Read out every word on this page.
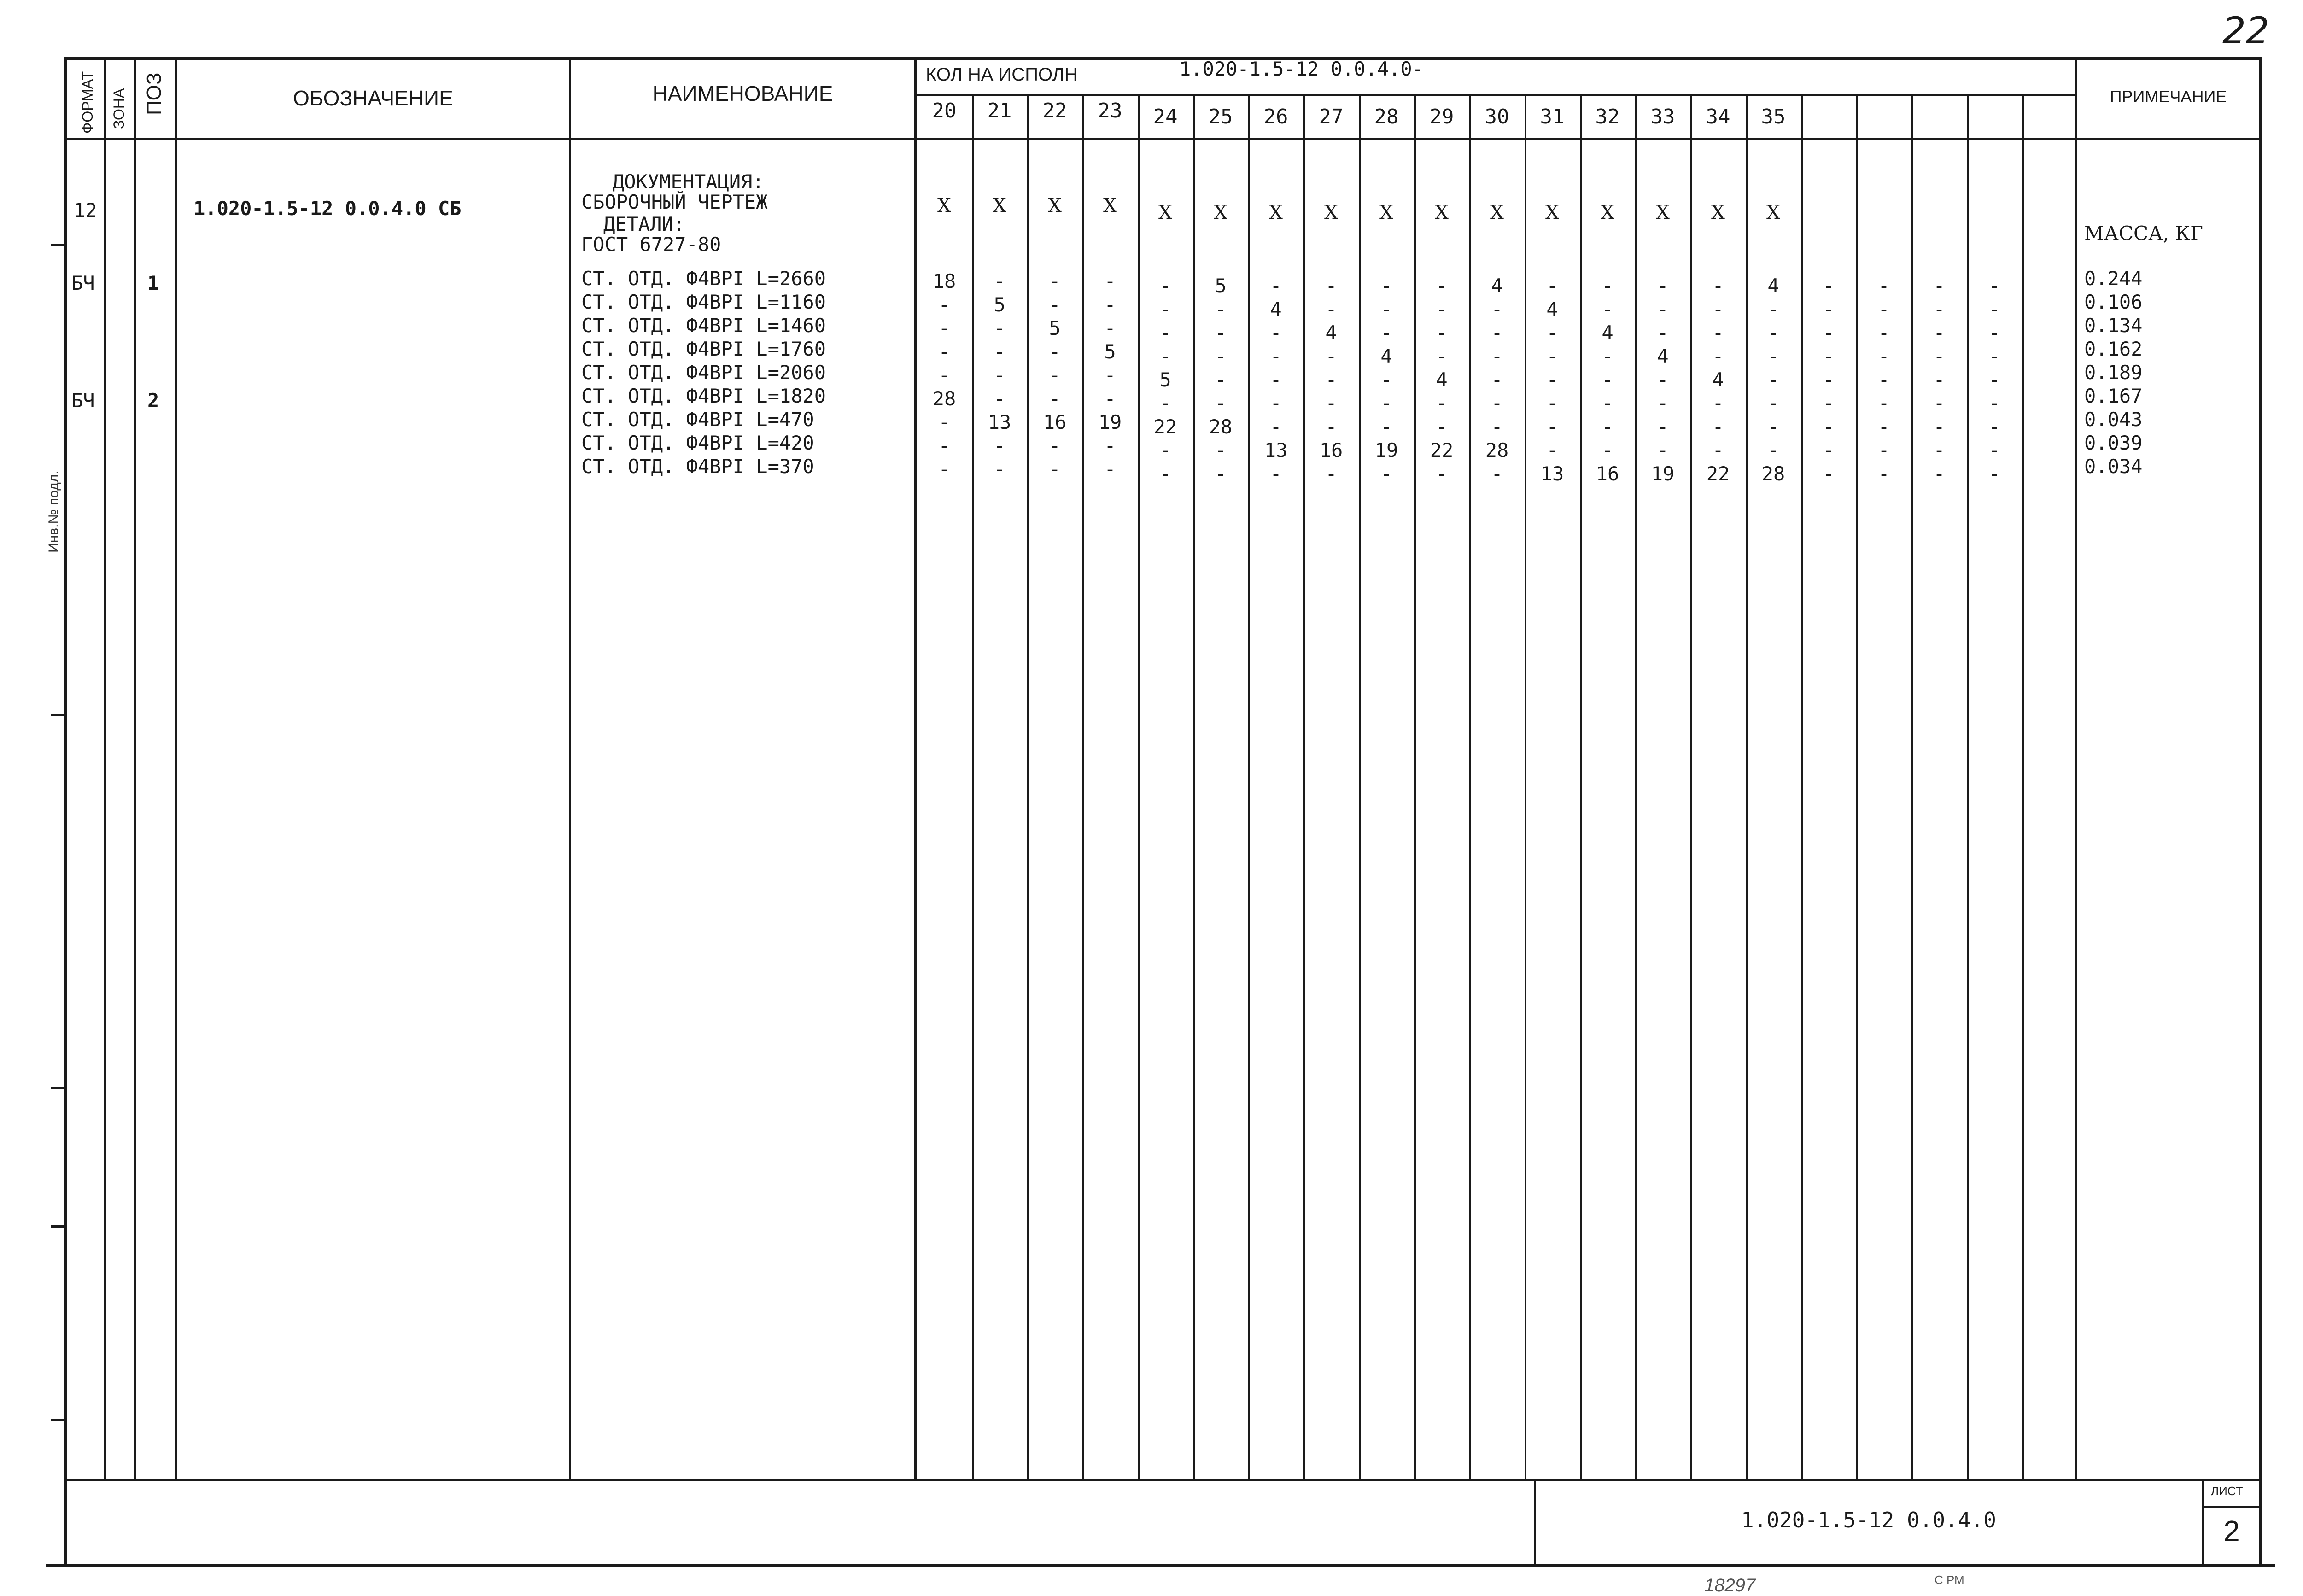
22
Инв.№ подл.
ФОРМАТ ЗОНА ПОЗ	ОБОЗНАЧЕНИЕ	НАИМЕНОВАНИЕ
КОЛ НА ИСПОЛН	1.020-1.5-12 0.0.4.0-
ПРИМЕЧАНИЕ
20	21	22	23	24	25	26	27	28	29	30	31	32	33	34	35
12	1.020-1.5-12 0.0.4.0 СБ
ДОКУМЕНТАЦИЯ:
СБОРОЧНЫЙ ЧЕРТЕЖ	X	X	X	X	X	X	X	X	X	X	X	X	X	X	X	X
ДЕТАЛИ:
ГОСТ 6727-80	МАССА, КГ
БЧ	1	СТ. ОТД. Ф4ВРI L=2660	18	-	-	-	-	5	-	-	-	-	4	-	-	-	-	4	-	-	-	-	0.244
СТ. ОТД. Ф4ВРI L=1160	-	5	-	-	-	-	4	-	-	-	-	4	-	-	-	-	-	-	-	-	0.106
СТ. ОТД. Ф4ВРI L=1460	-	-	5	-	-	-	-	4	-	-	-	-	4	-	-	-	-	-	-	-	0.134
СТ. ОТД. Ф4ВРI L=1760	-	-	-	5	-	-	-	-	4	-	-	-	-	4	-	-	-	-	-	-	0.162
СТ. ОТД. Ф4ВРI L=2060	-	-	-	-	5	-	-	-	-	4	-	-	-	-	4	-	-	-	-	-	0.189
БЧ	2	СТ. ОТД. Ф4ВРI L=1820	28	-	-	-	-	-	-	-	-	-	-	-	-	-	-	-	-	-	-	-	0.167
СТ. ОТД. Ф4ВРI L=470	-	13	16	19	22	28	-	-	-	-	-	-	-	-	-	-	-	-	-	-	0.043
СТ. ОТД. Ф4ВРI L=420	-	-	-	-	-	-	13	16	19	22	28	-	-	-	-	-	-	-	-	-	0.039
СТ. ОТД. Ф4ВРI L=370	-	-	-	-	-	-	-	-	-	-	-	13	16	19	22	28	-	-	-	-	0.034
1.020-1.5-12 0.0.4.0
ЛИСТ
2
18297	С РМ
